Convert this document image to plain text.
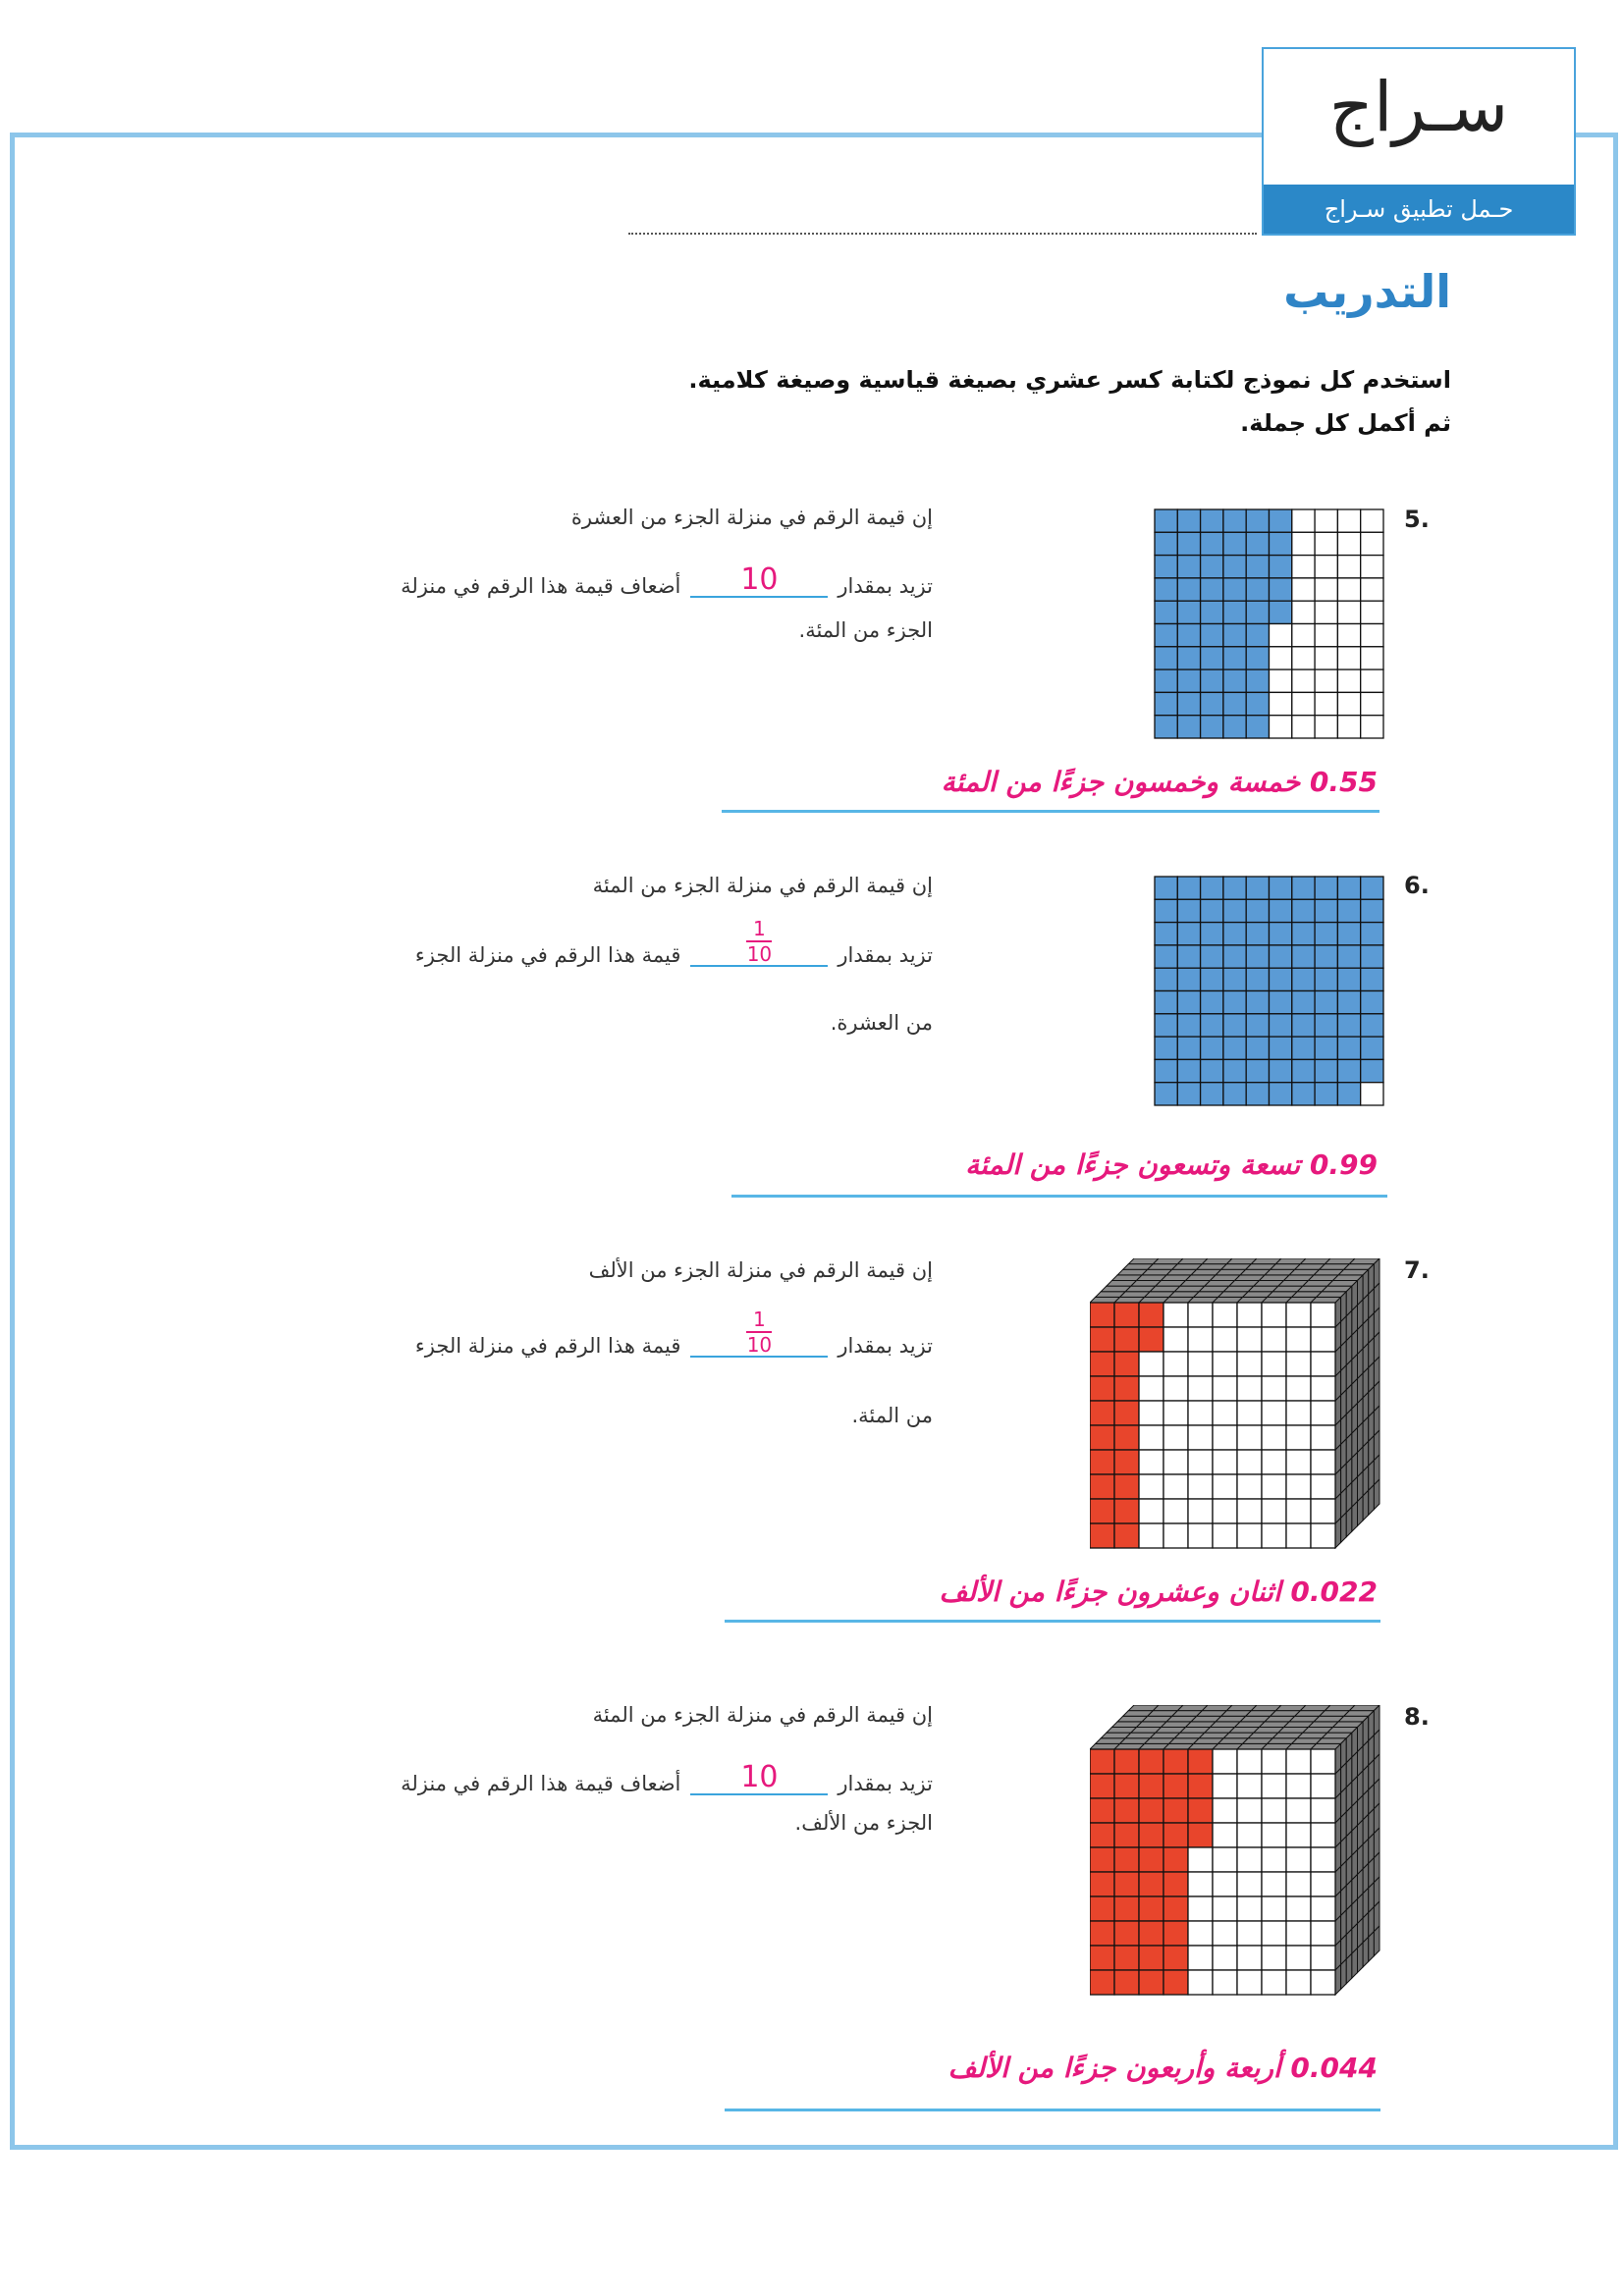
سـراج
حـمل تطبيق سـراج
التدريب
استخدم كل نموذج لكتابة كسر عشري بصيغة قياسية وصيغة كلامية.
ثم أكمل كل جملة.
5.
إن قيمة الرقم في منزلة الجزء من العشرة
تزيد بمقدار
10
أضعاف قيمة هذا الرقم في منزلة
الجزء من المئة.
0.55 خمسة وخمسون جزءًا من المئة
6.
إن قيمة الرقم في منزلة الجزء من المئة
تزيد بمقدار
$\frac{1}{10}$
قيمة هذا الرقم في منزلة الجزء
من العشرة.
0.99 تسعة وتسعون جزءًا من المئة
7.
إن قيمة الرقم في منزلة الجزء من الألف
تزيد بمقدار
$\frac{1}{10}$
قيمة هذا الرقم في منزلة الجزء
من المئة.
0.022 اثنان وعشرون جزءًا من الألف
8.
إن قيمة الرقم في منزلة الجزء من المئة
تزيد بمقدار
10
أضعاف قيمة هذا الرقم في منزلة
الجزء من الألف.
0.044 أربعة وأربعون جزءًا من الألف
